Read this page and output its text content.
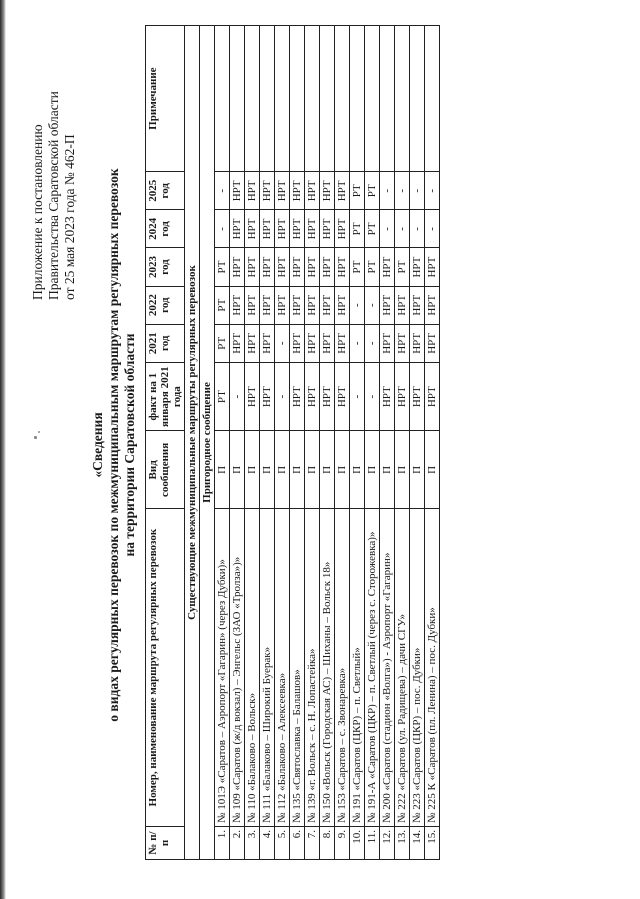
Приложение к постановлению Правительства Саратовской области от 25 мая 2023 года № 462-П
«Сведения о видах регулярных перевозок по межмуниципальным маршрутам регулярных перевозок на территории Саратовской области
№ п/п	Номер, наименование маршрута регулярных перевозок	Вид сообщения	факт на 1 января 2021 года	2021 год	2022 год	2023 год	2024 год	2025 год	Примечание
Существующие межмуниципальные маршруты регулярных перевозок									
Пригородное сообщение									
1.	№ 101Э «Саратов – Аэропорт «Гагарин» (через Дубки)»	П	РТ	РТ	РТ	РТ	-	-	
2.	№ 109 «Саратов (ж/д вокзал) – Энгельс (ЗАО «Тролза»)»	П	-	НРТ	НРТ	НРТ	НРТ	НРТ	
3.	№ 110 «Балаково – Вольск»	П	НРТ	НРТ	НРТ	НРТ	НРТ	НРТ	
4.	№ 111 «Балаково – Широкий Буерак»	П	НРТ	НРТ	НРТ	НРТ	НРТ	НРТ	
5.	№ 112 «Балаково – Алексеевка»	П	-	-	НРТ	НРТ	НРТ	НРТ	
6.	№ 135 «Святославка – Балашов»	П	НРТ	НРТ	НРТ	НРТ	НРТ	НРТ	
7.	№ 139 «г. Вольск – с. Н. Лопастейка»	П	НРТ	НРТ	НРТ	НРТ	НРТ	НРТ	
8.	№ 150 «Вольск (Городская АС) – Шиханы – Вольск 18»	П	НРТ	НРТ	НРТ	НРТ	НРТ	НРТ	
9.	№ 153 «Саратов – с. Звонаревка»	П	НРТ	НРТ	НРТ	НРТ	НРТ	НРТ	
10.	№ 191 «Саратов (ЦКР) – п. Светлый»	П	-	-	-	РТ	РТ	РТ	
11.	№ 191-А «Саратов (ЦКР) – п. Светлый (через с. Сторожевка)»	П	-	-	-	РТ	РТ	РТ	
12.	№ 200 «Саратов (стадион «Волга») - Аэропорт «Гагарин»	П	НРТ	НРТ	НРТ	НРТ	-	-	
13.	№ 222 «Саратов (ул. Радищева) – дачи СГУ»	П	НРТ	НРТ	НРТ	РТ	-	-	
14.	№ 223 «Саратов (ЦКР) – пос. Дубки»	П	НРТ	НРТ	НРТ	НРТ	-	-	
15.	№ 225 К «Саратов (пл. Ленина) – пос. Дубки»	П	НРТ	НРТ	НРТ	НРТ	-	-	
